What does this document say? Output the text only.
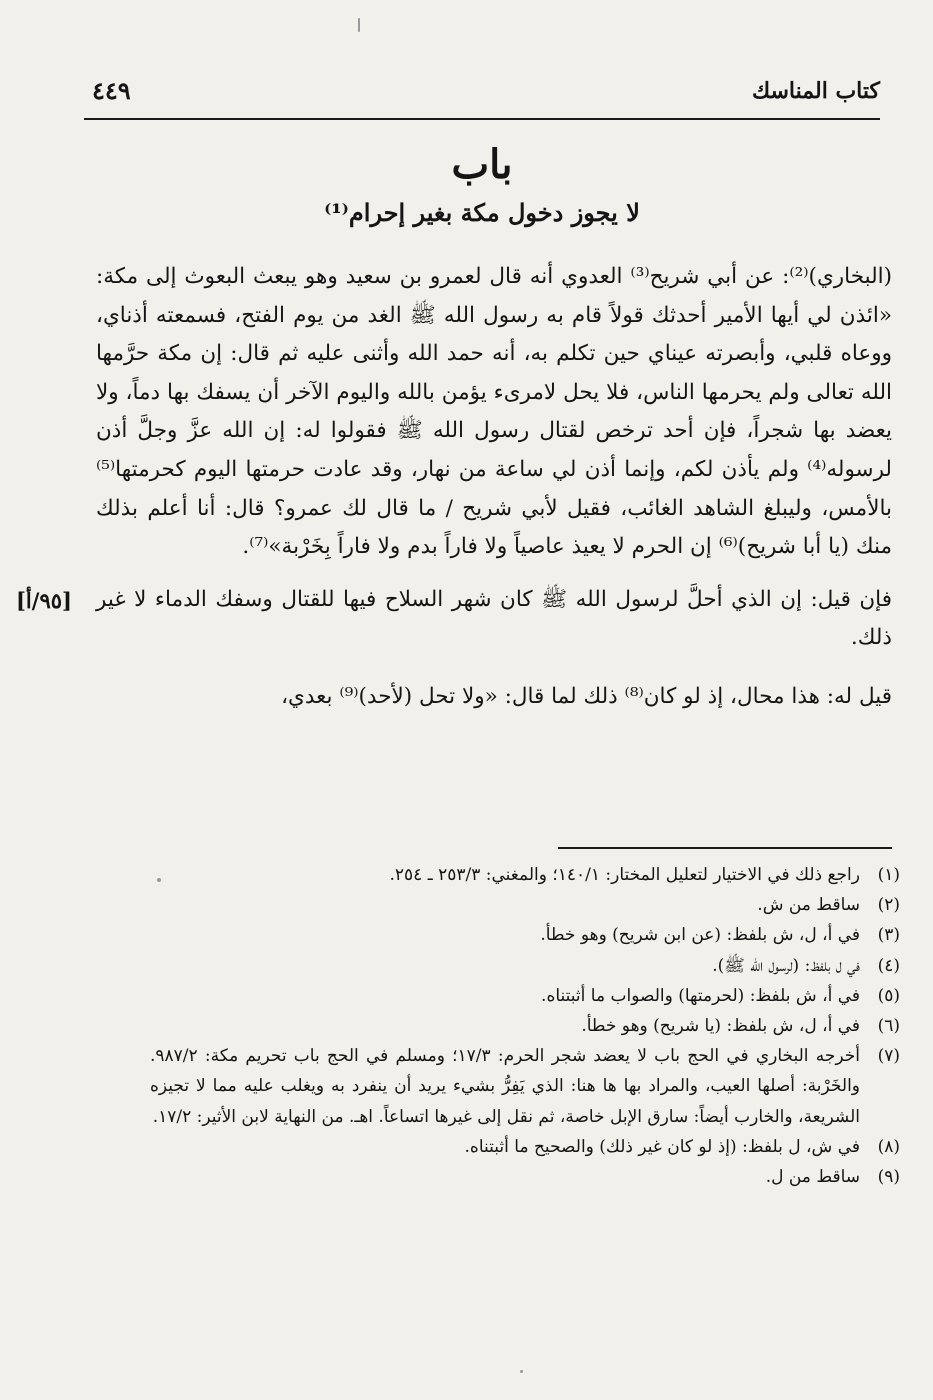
كتاب المناسك
٤٤٩
باب
لا يجوز دخول مكة بغير إحرام⁽¹⁾

(البخاري)⁽²⁾: عن أبي شريح⁽³⁾ العدوي أنه قال لعمرو بن سعيد وهو يبعث البعوث إلى مكة: «ائذن لي أيها الأمير أحدثك قولاً قام به رسول الله ﷺ الغد من يوم الفتح، فسمعته أذناي، ووعاه قلبي، وأبصرته عيناي حين تكلم به، أنه حمد الله وأثنى عليه ثم قال: إن مكة حرَّمها الله تعالى ولم يحرمها الناس، فلا يحل لامرىء يؤمن بالله واليوم الآخر أن يسفك بها دماً، ولا يعضد بها شجراً، فإن أحد ترخص لقتال رسول الله ﷺ فقولوا له: إن الله عزَّ وجلَّ أذن لرسوله⁽⁴⁾ ولم يأذن لكم، وإنما أذن لي ساعة من نهار، وقد عادت حرمتها اليوم كحرمتها⁽⁵⁾ بالأمس، وليبلغ الشاهد الغائب، فقيل لأبي شريح / ما قال لك عمرو؟ قال: أنا أعلم بذلك منك (يا أبا شريح)⁽⁶⁾ إن الحرم لا يعيذ عاصياً ولا فاراً بدم ولا فاراً بِخَرْبة»⁽⁷⁾.

فإن قيل: إن الذي أحلَّ لرسول الله ﷺ كان شهر السلاح فيها للقتال وسفك الدماء لا غير ذلك.

قيل له: هذا محال، إذ لو كان⁽⁸⁾ ذلك لما قال: «ولا تحل (لأحد)⁽⁹⁾ بعدي،

[٩٥/أ]
(١)
راجع ذلك في الاختيار لتعليل المختار: ١٤٠/١؛ والمغني: ٢٥٣/٣ ـ ٢٥٤.
(٢)
ساقط من ش.
(٣)
في أ، ل، ش بلفظ: (عن ابن شريح) وهو خطأ.
(٤)
في ل بلفظ: (لرسول الله ﷺ).
(٥)
في أ، ش بلفظ: (لحرمتها) والصواب ما أثبتناه.
(٦)
في أ، ل، ش بلفظ: (يا شريح) وهو خطأ.
(٧)
أخرجه البخاري في الحج باب لا يعضد شجر الحرم: ١٧/٣؛ ومسلم في الحج باب تحريم مكة: ٩٨٧/٢. والخَرْبة: أصلها العيب، والمراد بها ها هنا: الذي يَفِرُّ بشيء يريد أن ينفرد به ويغلب عليه مما لا تجيزه الشريعة، والخارب أيضاً: سارق الإبل خاصة، ثم نقل إلى غيرها اتساعاً. اهـ. من النهاية لابن الأثير: ١٧/٢.
(٨)
في ش، ل بلفظ: (إذ لو كان غير ذلك) والصحيح ما أثبتناه.
(٩)
ساقط من ل.
